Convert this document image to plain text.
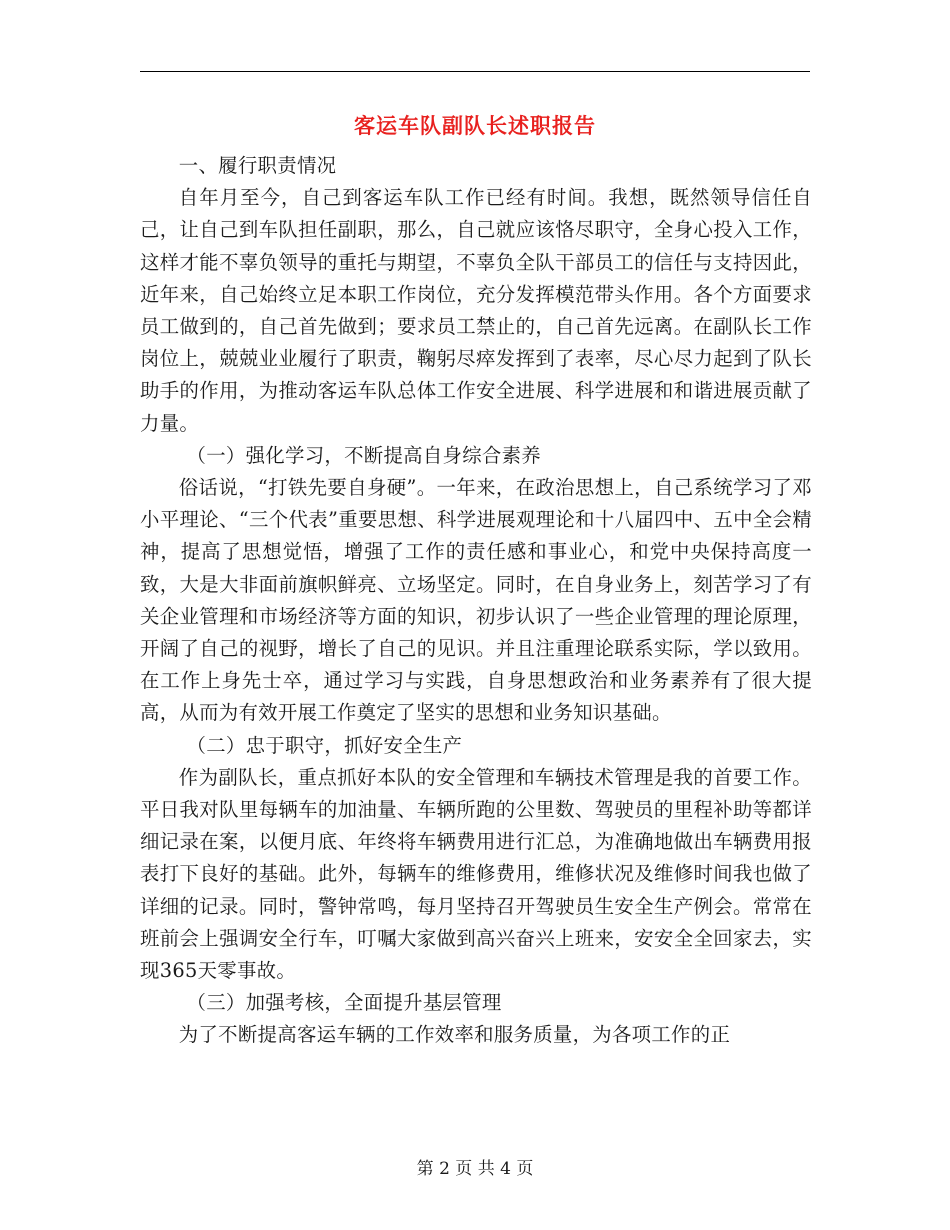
客运车队副队长述职报告

一、履行职责情况

自年月至今，自己到客运车队工作已经有时间。我想，既然领导信任自己，让自己到车队担任副职，那么，自己就应该恪尽职守，全身心投入工作，这样才能不辜负领导的重托与期望，不辜负全队干部员工的信任与支持因此，近年来，自己始终立足本职工作岗位，充分发挥模范带头作用。各个方面要求员工做到的，自己首先做到；要求员工禁止的，自己首先远离。在副队长工作岗位上，兢兢业业履行了职责，鞠躬尽瘁发挥到了表率，尽心尽力起到了队长助手的作用，为推动客运车队总体工作安全进展、科学进展和和谐进展贡献了力量。

（一）强化学习，不断提高自身综合素养

俗话说，“打铁先要自身硬”。一年来，在政治思想上，自己系统学习了邓小平理论、“三个代表”重要思想、科学进展观理论和十八届四中、五中全会精神，提高了思想觉悟，增强了工作的责任感和事业心，和党中央保持高度一致，大是大非面前旗帜鲜亮、立场坚定。同时，在自身业务上，刻苦学习了有关企业管理和市场经济等方面的知识，初步认识了一些企业管理的理论原理，开阔了自己的视野，增长了自己的见识。并且注重理论联系实际，学以致用。在工作上身先士卒，通过学习与实践，自身思想政治和业务素养有了很大提高，从而为有效开展工作奠定了坚实的思想和业务知识基础。

（二）忠于职守，抓好安全生产

作为副队长，重点抓好本队的安全管理和车辆技术管理是我的首要工作。平日我对队里每辆车的加油量、车辆所跑的公里数、驾驶员的里程补助等都详细记录在案，以便月底、年终将车辆费用进行汇总，为准确地做出车辆费用报表打下良好的基础。此外，每辆车的维修费用，维修状况及维修时间我也做了详细的记录。同时，警钟常鸣，每月坚持召开驾驶员生安全生产例会。常常在班前会上强调安全行车，叮嘱大家做到高兴奋兴上班来，安安全全回家去，实现365天零事故。

（三）加强考核，全面提升基层管理

为了不断提高客运车辆的工作效率和服务质量，为各项工作的正

第 2 页 共 4 页
